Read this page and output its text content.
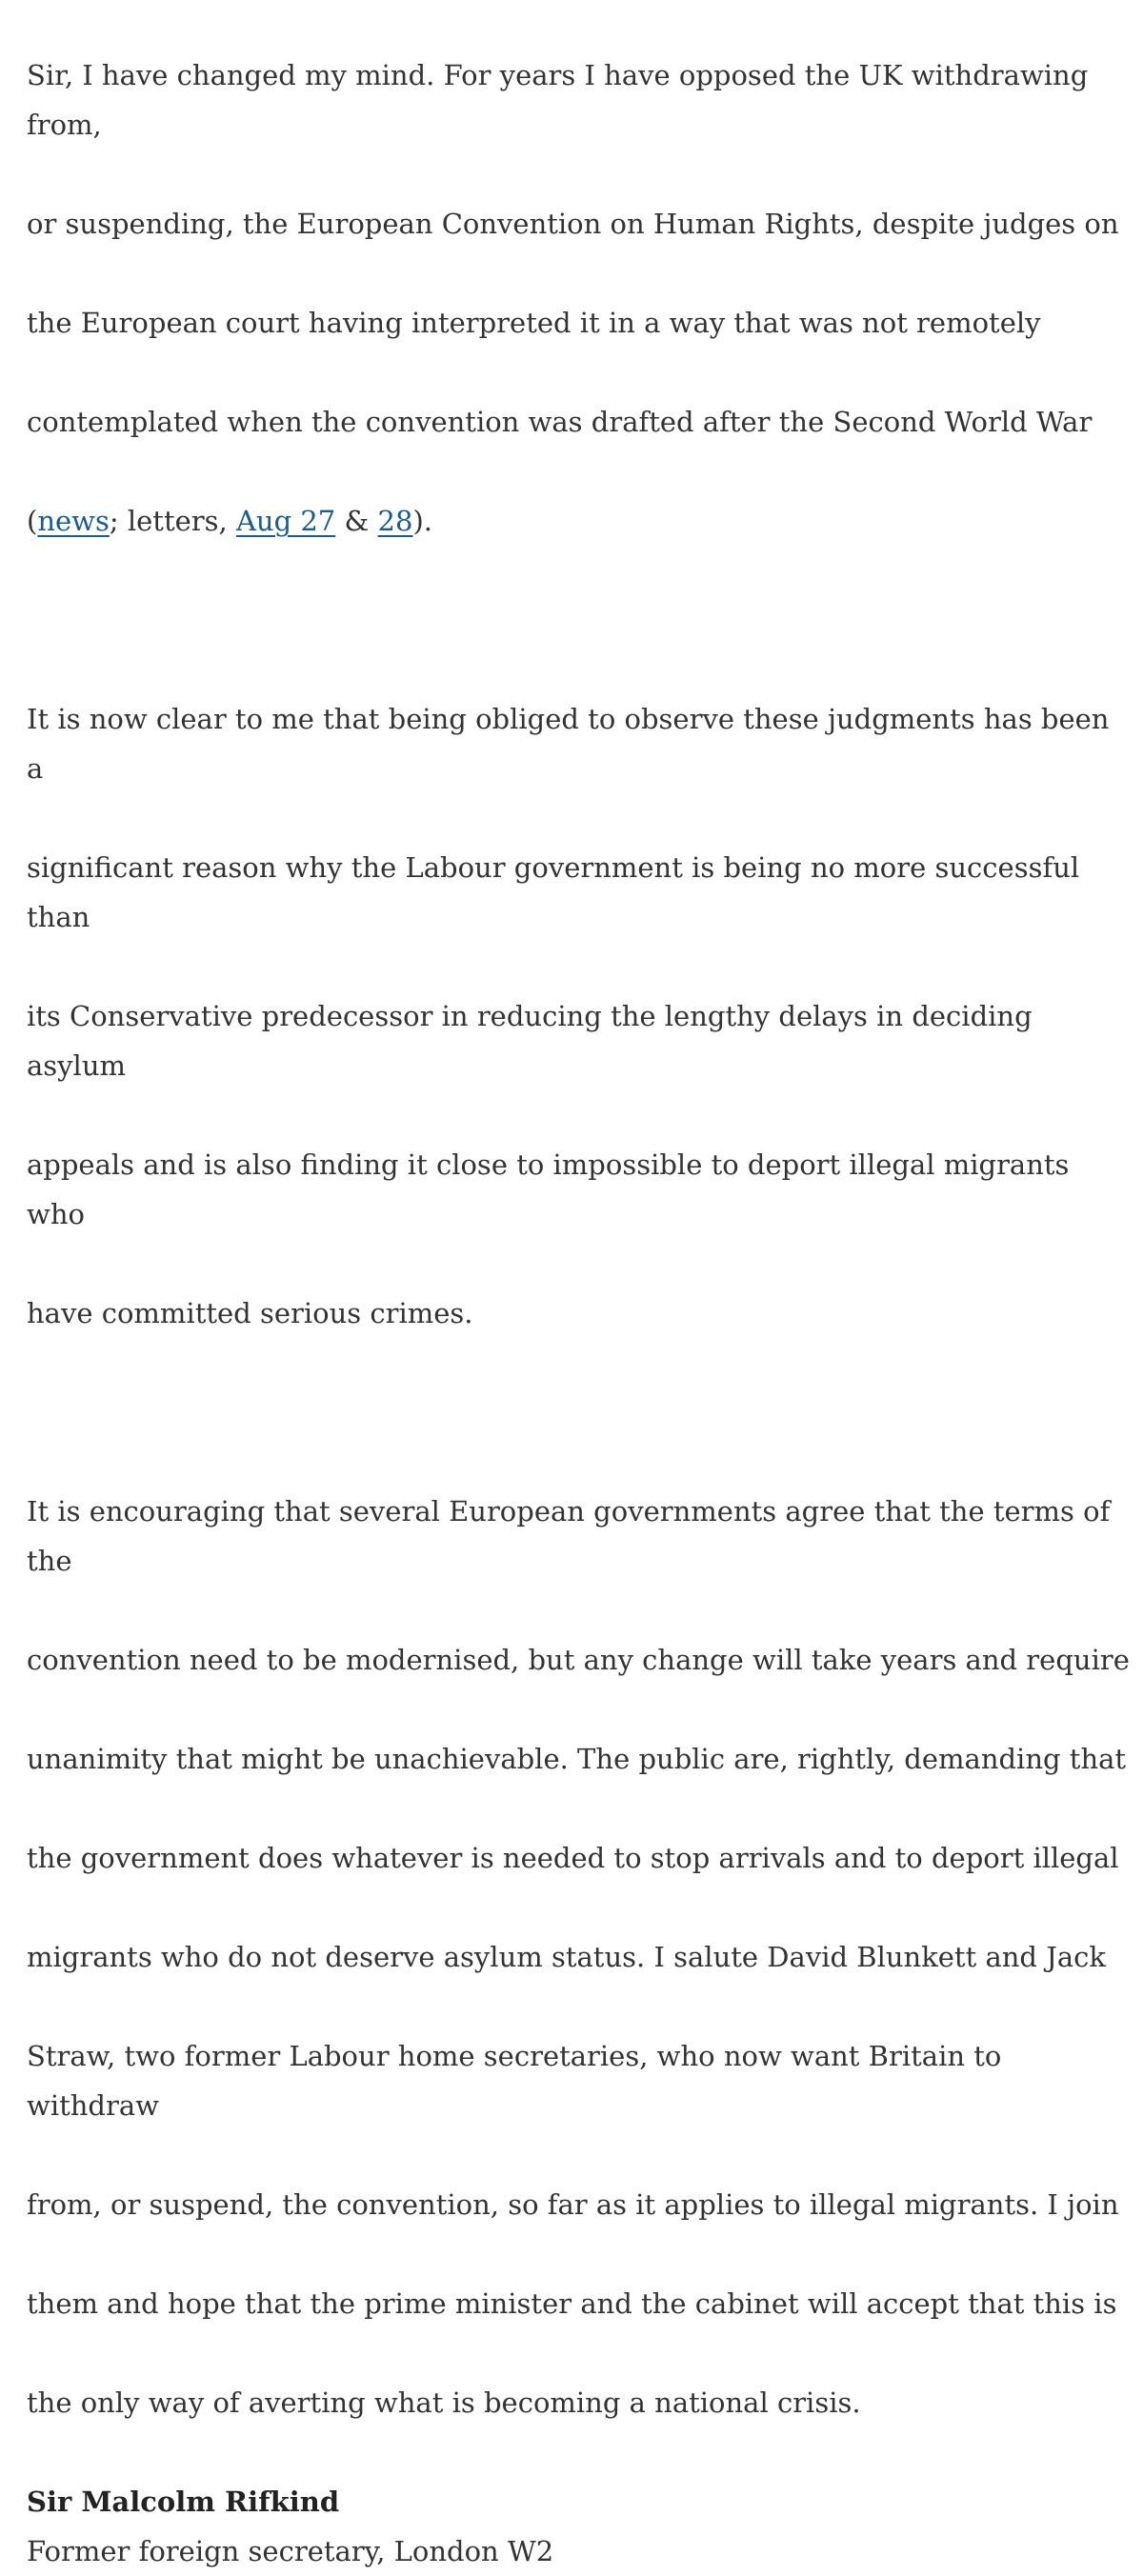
Sir, I have changed my mind. For years I have opposed the UK withdrawing from,

or suspending, the European Convention on Human Rights, despite judges on

the European court having interpreted it in a way that was not remotely

contemplated when the convention was drafted after the Second World War

(news; letters, Aug 27 & 28).

It is now clear to me that being obliged to observe these judgments has been a

significant reason why the Labour government is being no more successful than

its Conservative predecessor in reducing the lengthy delays in deciding asylum

appeals and is also finding it close to impossible to deport illegal migrants who

have committed serious crimes.

It is encouraging that several European governments agree that the terms of the

convention need to be modernised, but any change will take years and require

unanimity that might be unachievable. The public are, rightly, demanding that

the government does whatever is needed to stop arrivals and to deport illegal

migrants who do not deserve asylum status. I salute David Blunkett and Jack

Straw, two former Labour home secretaries, who now want Britain to withdraw

from, or suspend, the convention, so far as it applies to illegal migrants. I join

them and hope that the prime minister and the cabinet will accept that this is

the only way of averting what is becoming a national crisis.

Sir Malcolm Rifkind
Former foreign secretary, London W2
